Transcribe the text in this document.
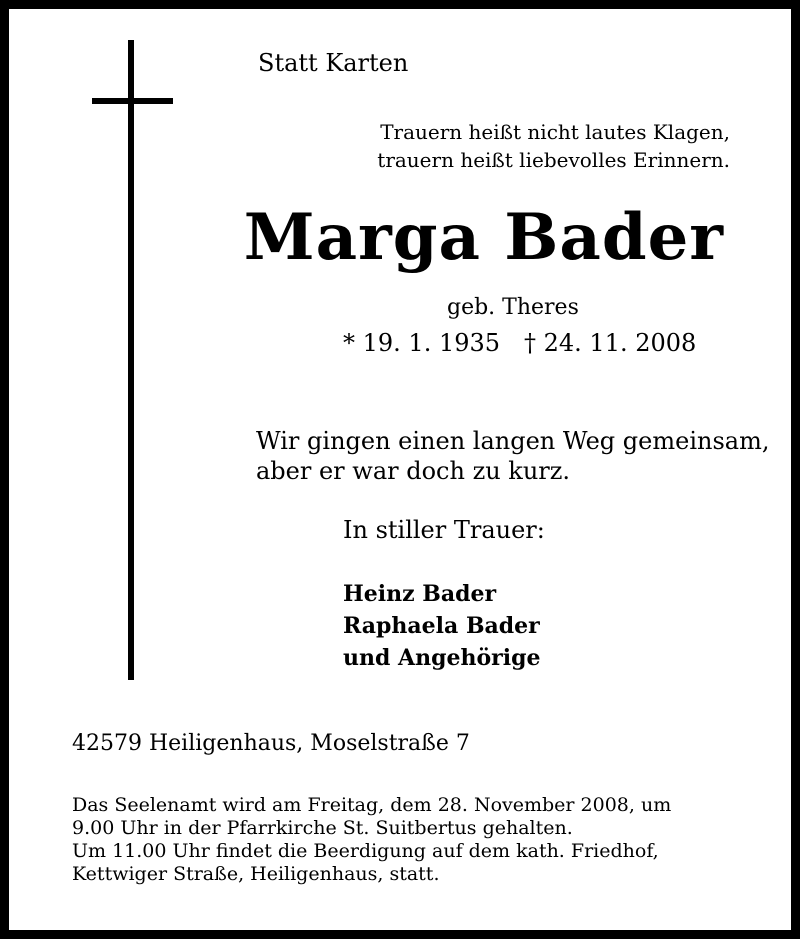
Statt Karten
Trauern heißt nicht lautes Klagen,
trauern heißt liebevolles Erinnern.
Marga Bader
geb. Theres
* 19. 1. 1935 † 24. 11. 2008
Wir gingen einen langen Weg gemeinsam,
aber er war doch zu kurz.
In stiller Trauer:
Heinz Bader
Raphaela Bader
und Angehörige
42579 Heiligenhaus, Moselstraße 7
Das Seelenamt wird am Freitag, dem 28. November 2008, um
9.00 Uhr in der Pfarrkirche St. Suitbertus gehalten.
Um 11.00 Uhr findet die Beerdigung auf dem kath. Friedhof,
Kettwiger Straße, Heiligenhaus, statt.
